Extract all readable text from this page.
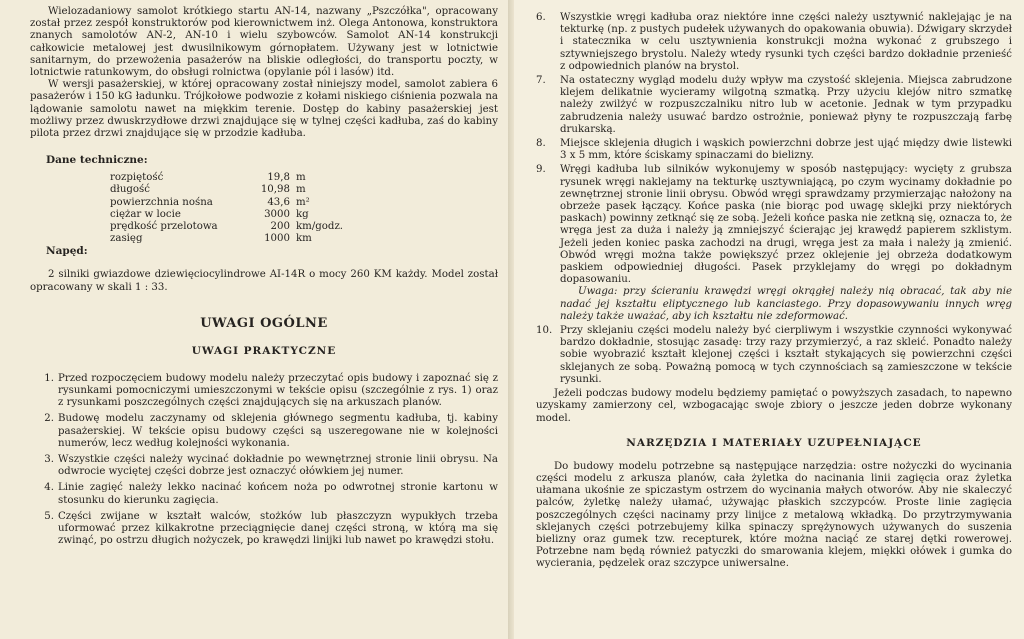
Wielozadaniowy samolot krótkiego startu AN-14, nazwany „Pszczółka", opracowany został przez zespół konstruktorów pod kierownictwem inż. Olega Antonowa, konstruktora znanych samolotów AN-2, AN-10 i wielu szybowców. Samolot AN-14 konstrukcji całkowicie metalowej jest dwusilnikowym górnopłatem. Używany jest w lotnictwie sanitarnym, do przewożenia pasażerów na bliskie odległości, do transportu poczty, w lotnictwie ratunkowym, do obsługi rolnictwa (opylanie pól i lasów) itd.

W wersji pasażerskiej, w której opracowany został niniejszy model, samolot zabiera 6 pasażerów i 150 kG ładunku. Trójkołowe podwozie z kołami niskiego ciśnienia pozwala na lądowanie samolotu nawet na miękkim terenie. Dostęp do kabiny pasażerskiej jest możliwy przez dwuskrzydłowe drzwi znajdujące się w tylnej części kadłuba, zaś do kabiny pilota przez drzwi znajdujące się w przodzie kadłuba.

Dane techniczne:

rozpiętość	19,8	m
długość	10,98	m
powierzchnia nośna	43,6	m²
ciężar w locie	3000	kg
prędkość przelotowa	200	km/godz.
zasięg	1000	km

Napęd:

2 silniki gwiazdowe dziewięciocylindrowe AI-14R o mocy 260 KM każdy. Model został opracowany w skali 1 : 33.

UWAGI OGÓLNE
UWAGI PRAKTYCZNE
1. Przed rozpoczęciem budowy modelu należy przeczytać opis budowy i zapoznać się z rysunkami pomocniczymi umieszczonymi w tekście opisu (szczególnie z rys. 1) oraz z rysunkami poszczególnych części znajdujących się na arkuszach planów.
2. Budowę modelu zaczynamy od sklejenia głównego segmentu kadłuba, tj. kabiny pasażerskiej. W tekście opisu budowy części są uszeregowane nie w kolejności numerów, lecz według kolejności wykonania.
3. Wszystkie części należy wycinać dokładnie po wewnętrznej stronie linii obrysu. Na odwrocie wyciętej części dobrze jest oznaczyć ołówkiem jej numer.
4. Linie zagięć należy lekko nacinać końcem noża po odwrotnej stronie kartonu w stosunku do kierunku zagięcia.
5. Części zwijane w kształt walców, stożków lub płaszczyzn wypukłych trzeba uformować przez kilkakrotne przeciągnięcie danej części stroną, w którą ma się zwinąć, po ostrzu długich nożyczek, po krawędzi linijki lub nawet po krawędzi stołu.
6.	Wszystkie wręgi kadłuba oraz niektóre inne części należy usztywnić naklejając je na tekturkę (np. z pustych pudełek używanych do opakowania obuwia). Dźwigary skrzydeł i statecznika w celu usztywnienia konstrukcji można wykonać z grubszego i sztywniejszego brystolu. Należy wtedy rysunki tych części bardzo dokładnie przenieść z odpowiednich planów na brystol.
7.	Na ostateczny wygląd modelu duży wpływ ma czystość sklejenia. Miejsca zabrudzone klejem delikatnie wycieramy wilgotną szmatką. Przy użyciu klejów nitro szmatkę należy zwilżyć w rozpuszczalniku nitro lub w acetonie. Jednak w tym przypadku zabrudzenia należy usuwać bardzo ostrożnie, ponieważ płyny te rozpuszczają farbę drukarską.
8.	Miejsce sklejenia długich i wąskich powierzchni dobrze jest ująć między dwie listewki 3 x 5 mm, które ściskamy spinaczami do bielizny.
9.	Wręgi kadłuba lub silników wykonujemy w sposób następujący: wycięty z grubsza rysunek wręgi naklejamy na tekturkę usztywniającą, po czym wycinamy dokładnie po zewnętrznej stronie linii obrysu. Obwód wręgi sprawdzamy przymierzając nałożony na obrzeże pasek łączący. Końce paska (nie biorąc pod uwagę sklejki przy niektórych paskach) powinny zetknąć się ze sobą. Jeżeli końce paska nie zetkną się, oznacza to, że wręga jest za duża i należy ją zmniejszyć ścierając jej krawędź papierem szklistym. Jeżeli jeden koniec paska zachodzi na drugi, wręga jest za mała i należy ją zmienić. Obwód wręgi można także powiększyć przez oklejenie jej obrzeża dodatkowym paskiem odpowiedniej długości. Pasek przyklejamy do wręgi po dokładnym dopasowaniu.

Uwaga: przy ścieraniu krawędzi wręgi okrągłej należy nią obracać, tak aby nie nadać jej kształtu eliptycznego lub kanciastego. Przy dopasowywaniu innych wręg należy także uważać, aby ich kształtu nie zdeformować.

10. Przy sklejaniu części modelu należy być cierpliwym i wszystkie czynności wykonywać bardzo dokładnie, stosując zasadę: trzy razy przymierzyć, a raz skleić. Ponadto należy sobie wyobrazić kształt klejonej części i kształt stykających się powierzchni części sklejanych ze sobą. Poważną pomocą w tych czynnościach są zamieszczone w tekście rysunki.

Jeżeli podczas budowy modelu będziemy pamiętać o powyższych zasadach, to napewno uzyskamy zamierzony cel, wzbogacając swoje zbiory o jeszcze jeden dobrze wykonany model.

NARZĘDZIA I MATERIAŁY UZUPEŁNIAJĄCE

Do budowy modelu potrzebne są następujące narzędzia: ostre nożyczki do wycinania części modelu z arkusza planów, cała żyletka do nacinania linii zagięcia oraz żyletka ułamana ukośnie ze spiczastym ostrzem do wycinania małych otworów. Aby nie skaleczyć palców, żyletkę należy ułamać, używając płaskich szczypców. Proste linie zagięcia poszczególnych części nacinamy przy linijce z metalową wkładką. Do przytrzymywania sklejanych części potrzebujemy kilka spinaczy sprężynowych używanych do suszenia bielizny oraz gumek tzw. recepturek, które można naciąć ze starej dętki rowerowej. Potrzebne nam będą również patyczki do smarowania klejem, miękki ołówek i gumka do wycierania, pędzelek oraz szczypce uniwersalne.
